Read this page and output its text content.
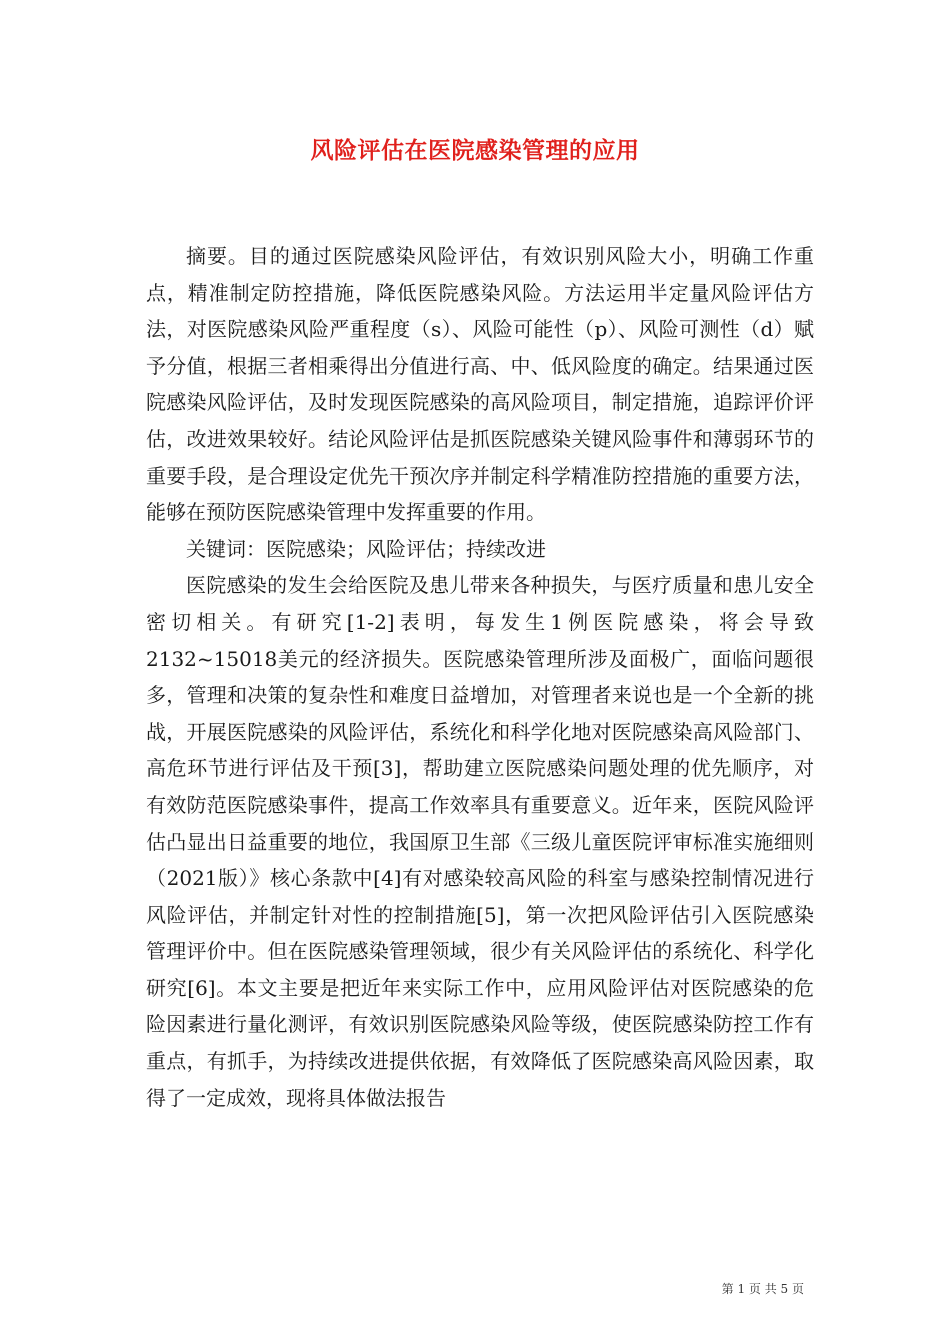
风险评估在医院感染管理的应用

摘要。目的通过医院感染风险评估，有效识别风险大小，明确工作重点，精准制定防控措施，降低医院感染风险。方法运用半定量风险评估方法，对医院感染风险严重程度（s）、风险可能性（p）、风险可测性（d）赋予分值，根据三者相乘得出分值进行高、中、低风险度的确定。结果通过医院感染风险评估，及时发现医院感染的高风险项目，制定措施，追踪评价评估，改进效果较好。结论风险评估是抓医院感染关键风险事件和薄弱环节的重要手段，是合理设定优先干预次序并制定科学精准防控措施的重要方法，能够在预防医院感染管理中发挥重要的作用。

关键词：医院感染；风险评估；持续改进

医院感染的发生会给医院及患儿带来各种损失，与医疗质量和患儿安全密切相关。有研究[1-2]表明，每发生1例医院感染，将会导致2132~15018美元的经济损失。医院感染管理所涉及面极广，面临问题很多，管理和决策的复杂性和难度日益增加，对管理者来说也是一个全新的挑战，开展医院感染的风险评估，系统化和科学化地对医院感染高风险部门、高危环节进行评估及干预[3]，帮助建立医院感染问题处理的优先顺序，对有效防范医院感染事件，提高工作效率具有重要意义。近年来，医院风险评估凸显出日益重要的地位，我国原卫生部《三级儿童医院评审标准实施细则（2021版）》核心条款中[4]有对感染较高风险的科室与感染控制情况进行风险评估，并制定针对性的控制措施[5]，第一次把风险评估引入医院感染管理评价中。但在医院感染管理领域，很少有关风险评估的系统化、科学化研究[6]。本文主要是把近年来实际工作中，应用风险评估对医院感染的危险因素进行量化测评，有效识别医院感染风险等级，使医院感染防控工作有重点，有抓手，为持续改进提供依据，有效降低了医院感染高风险因素，取得了一定成效，现将具体做法报告

第 1 页 共 5 页
